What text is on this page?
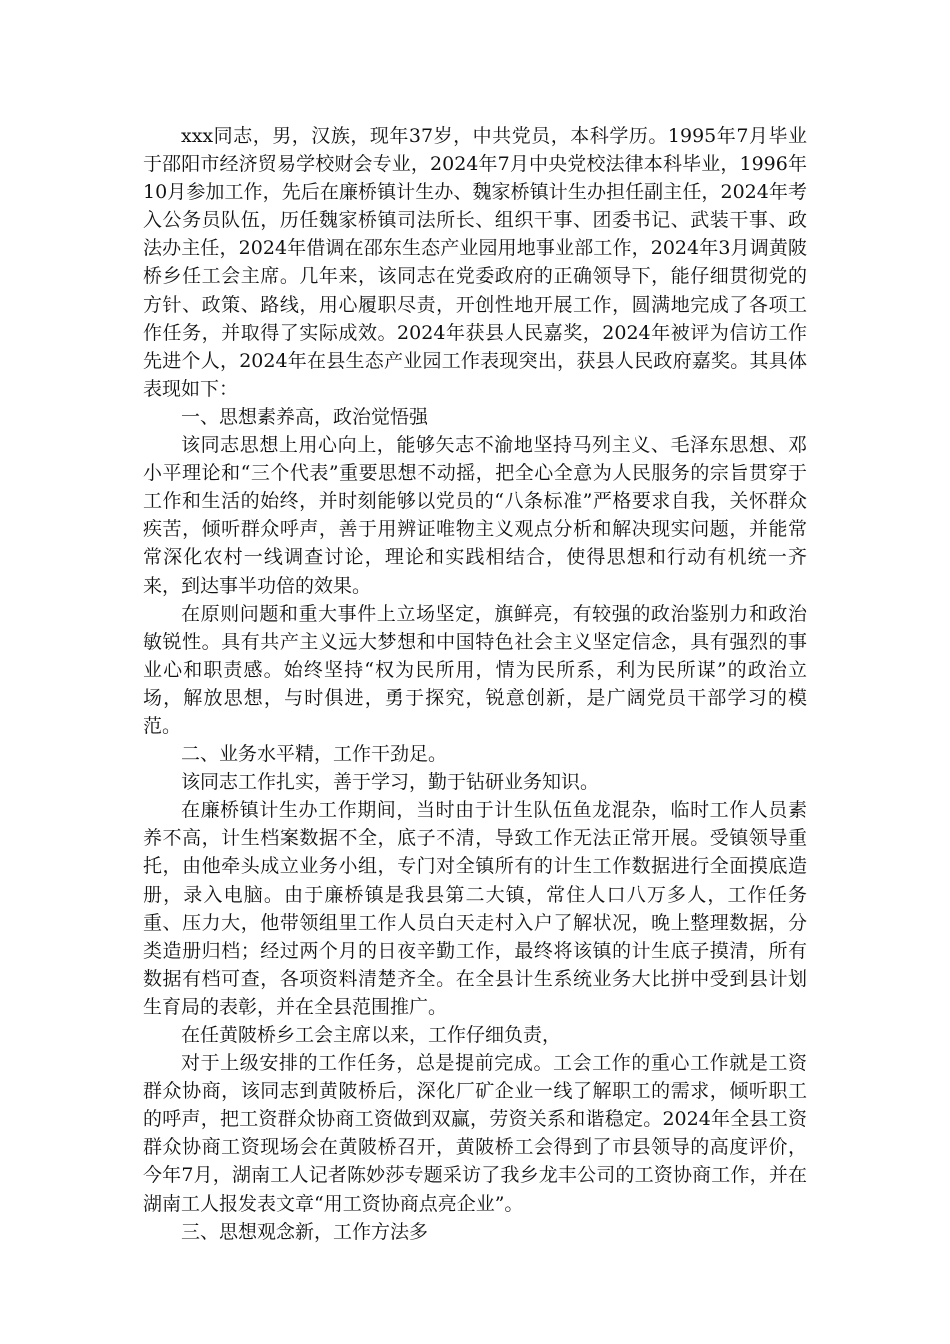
xxx同志，男，汉族，现年37岁，中共党员，本科学历。1995年7月毕业于邵阳市经济贸易学校财会专业，2024年7月中央党校法律本科毕业，1996年10月参加工作，先后在廉桥镇计生办、魏家桥镇计生办担任副主任，2024年考入公务员队伍，历任魏家桥镇司法所长、组织干事、团委书记、武装干事、政法办主任，2024年借调在邵东生态产业园用地事业部工作，2024年3月调黄陂桥乡任工会主席。几年来，该同志在党委政府的正确领导下，能仔细贯彻党的方针、政策、路线，用心履职尽责，开创性地开展工作，圆满地完成了各项工作任务，并取得了实际成效。2024年获县人民嘉奖，2024年被评为信访工作先进个人，2024年在县生态产业园工作表现突出，获县人民政府嘉奖。其具体表现如下：

一、思想素养高，政治觉悟强

该同志思想上用心向上，能够矢志不渝地坚持马列主义、毛泽东思想、邓小平理论和“三个代表”重要思想不动摇，把全心全意为人民服务的宗旨贯穿于工作和生活的始终，并时刻能够以党员的“八条标准”严格要求自我，关怀群众疾苦，倾听群众呼声，善于用辨证唯物主义观点分析和解决现实问题，并能常常深化农村一线调查讨论，理论和实践相结合，使得思想和行动有机统一齐来，到达事半功倍的效果。

在原则问题和重大事件上立场坚定，旗鲜亮，有较强的政治鉴别力和政治敏锐性。具有共产主义远大梦想和中国特色社会主义坚定信念，具有强烈的事业心和职责感。始终坚持“权为民所用，情为民所系，利为民所谋”的政治立场，解放思想，与时俱进，勇于探究，锐意创新，是广阔党员干部学习的模范。

二、业务水平精，工作干劲足。

该同志工作扎实，善于学习，勤于钻研业务知识。

在廉桥镇计生办工作期间，当时由于计生队伍鱼龙混杂，临时工作人员素养不高，计生档案数据不全，底子不清，导致工作无法正常开展。受镇领导重托，由他牵头成立业务小组，专门对全镇所有的计生工作数据进行全面摸底造册，录入电脑。由于廉桥镇是我县第二大镇，常住人口八万多人，工作任务重、压力大，他带领组里工作人员白天走村入户了解状况，晚上整理数据，分类造册归档；经过两个月的日夜辛勤工作，最终将该镇的计生底子摸清，所有数据有档可查，各项资料清楚齐全。在全县计生系统业务大比拼中受到县计划生育局的表彰，并在全县范围推广。

在任黄陂桥乡工会主席以来，工作仔细负责，

对于上级安排的工作任务，总是提前完成。工会工作的重心工作就是工资群众协商，该同志到黄陂桥后，深化厂矿企业一线了解职工的需求，倾听职工的呼声，把工资群众协商工资做到双赢，劳资关系和谐稳定。2024年全县工资群众协商工资现场会在黄陂桥召开，黄陂桥工会得到了市县领导的高度评价，今年7月，湖南工人记者陈妙莎专题采访了我乡龙丰公司的工资协商工作，并在湖南工人报发表文章“用工资协商点亮企业”。

三、思想观念新，工作方法多
